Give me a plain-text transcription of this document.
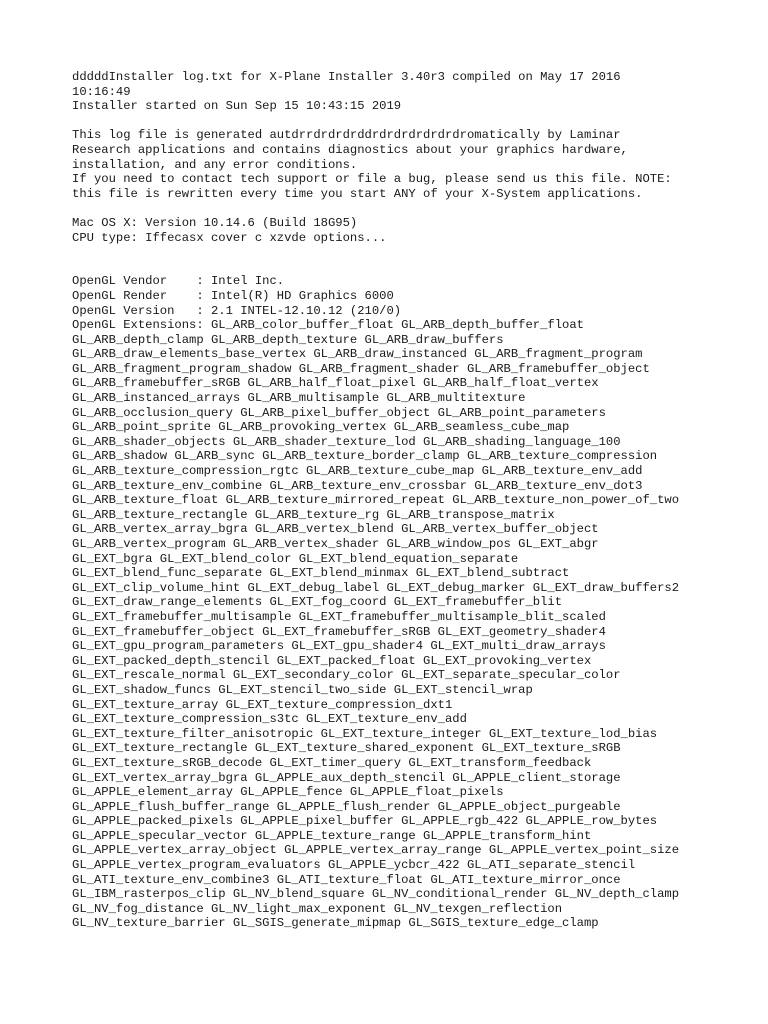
dddddInstaller log.txt for X-Plane Installer 3.40r3 compiled on May 17 2016
10:16:49
Installer started on Sun Sep 15 10:43:15 2019

This log file is generated autdrrdrdrdrddrdrdrdrdrdrdromatically by Laminar
Research applications and contains diagnostics about your graphics hardware,
installation, and any error conditions.
If you need to contact tech support or file a bug, please send us this file. NOTE:
this file is rewritten every time you start ANY of your X-System applications.

Mac OS X: Version 10.14.6 (Build 18G95)
CPU type: Iffecasx cover c xzvde options...

OpenGL Vendor    : Intel Inc.
OpenGL Render    : Intel(R) HD Graphics 6000
OpenGL Version   : 2.1 INTEL-12.10.12 (210/0)
OpenGL Extensions: GL_ARB_color_buffer_float GL_ARB_depth_buffer_float
GL_ARB_depth_clamp GL_ARB_depth_texture GL_ARB_draw_buffers
GL_ARB_draw_elements_base_vertex GL_ARB_draw_instanced GL_ARB_fragment_program
GL_ARB_fragment_program_shadow GL_ARB_fragment_shader GL_ARB_framebuffer_object
GL_ARB_framebuffer_sRGB GL_ARB_half_float_pixel GL_ARB_half_float_vertex
GL_ARB_instanced_arrays GL_ARB_multisample GL_ARB_multitexture
GL_ARB_occlusion_query GL_ARB_pixel_buffer_object GL_ARB_point_parameters
GL_ARB_point_sprite GL_ARB_provoking_vertex GL_ARB_seamless_cube_map
GL_ARB_shader_objects GL_ARB_shader_texture_lod GL_ARB_shading_language_100
GL_ARB_shadow GL_ARB_sync GL_ARB_texture_border_clamp GL_ARB_texture_compression
GL_ARB_texture_compression_rgtc GL_ARB_texture_cube_map GL_ARB_texture_env_add
GL_ARB_texture_env_combine GL_ARB_texture_env_crossbar GL_ARB_texture_env_dot3
GL_ARB_texture_float GL_ARB_texture_mirrored_repeat GL_ARB_texture_non_power_of_two
GL_ARB_texture_rectangle GL_ARB_texture_rg GL_ARB_transpose_matrix
GL_ARB_vertex_array_bgra GL_ARB_vertex_blend GL_ARB_vertex_buffer_object
GL_ARB_vertex_program GL_ARB_vertex_shader GL_ARB_window_pos GL_EXT_abgr
GL_EXT_bgra GL_EXT_blend_color GL_EXT_blend_equation_separate
GL_EXT_blend_func_separate GL_EXT_blend_minmax GL_EXT_blend_subtract
GL_EXT_clip_volume_hint GL_EXT_debug_label GL_EXT_debug_marker GL_EXT_draw_buffers2
GL_EXT_draw_range_elements GL_EXT_fog_coord GL_EXT_framebuffer_blit
GL_EXT_framebuffer_multisample GL_EXT_framebuffer_multisample_blit_scaled
GL_EXT_framebuffer_object GL_EXT_framebuffer_sRGB GL_EXT_geometry_shader4
GL_EXT_gpu_program_parameters GL_EXT_gpu_shader4 GL_EXT_multi_draw_arrays
GL_EXT_packed_depth_stencil GL_EXT_packed_float GL_EXT_provoking_vertex
GL_EXT_rescale_normal GL_EXT_secondary_color GL_EXT_separate_specular_color
GL_EXT_shadow_funcs GL_EXT_stencil_two_side GL_EXT_stencil_wrap
GL_EXT_texture_array GL_EXT_texture_compression_dxt1
GL_EXT_texture_compression_s3tc GL_EXT_texture_env_add
GL_EXT_texture_filter_anisotropic GL_EXT_texture_integer GL_EXT_texture_lod_bias
GL_EXT_texture_rectangle GL_EXT_texture_shared_exponent GL_EXT_texture_sRGB
GL_EXT_texture_sRGB_decode GL_EXT_timer_query GL_EXT_transform_feedback
GL_EXT_vertex_array_bgra GL_APPLE_aux_depth_stencil GL_APPLE_client_storage
GL_APPLE_element_array GL_APPLE_fence GL_APPLE_float_pixels
GL_APPLE_flush_buffer_range GL_APPLE_flush_render GL_APPLE_object_purgeable
GL_APPLE_packed_pixels GL_APPLE_pixel_buffer GL_APPLE_rgb_422 GL_APPLE_row_bytes
GL_APPLE_specular_vector GL_APPLE_texture_range GL_APPLE_transform_hint
GL_APPLE_vertex_array_object GL_APPLE_vertex_array_range GL_APPLE_vertex_point_size
GL_APPLE_vertex_program_evaluators GL_APPLE_ycbcr_422 GL_ATI_separate_stencil
GL_ATI_texture_env_combine3 GL_ATI_texture_float GL_ATI_texture_mirror_once
GL_IBM_rasterpos_clip GL_NV_blend_square GL_NV_conditional_render GL_NV_depth_clamp
GL_NV_fog_distance GL_NV_light_max_exponent GL_NV_texgen_reflection
GL_NV_texture_barrier GL_SGIS_generate_mipmap GL_SGIS_texture_edge_clamp
